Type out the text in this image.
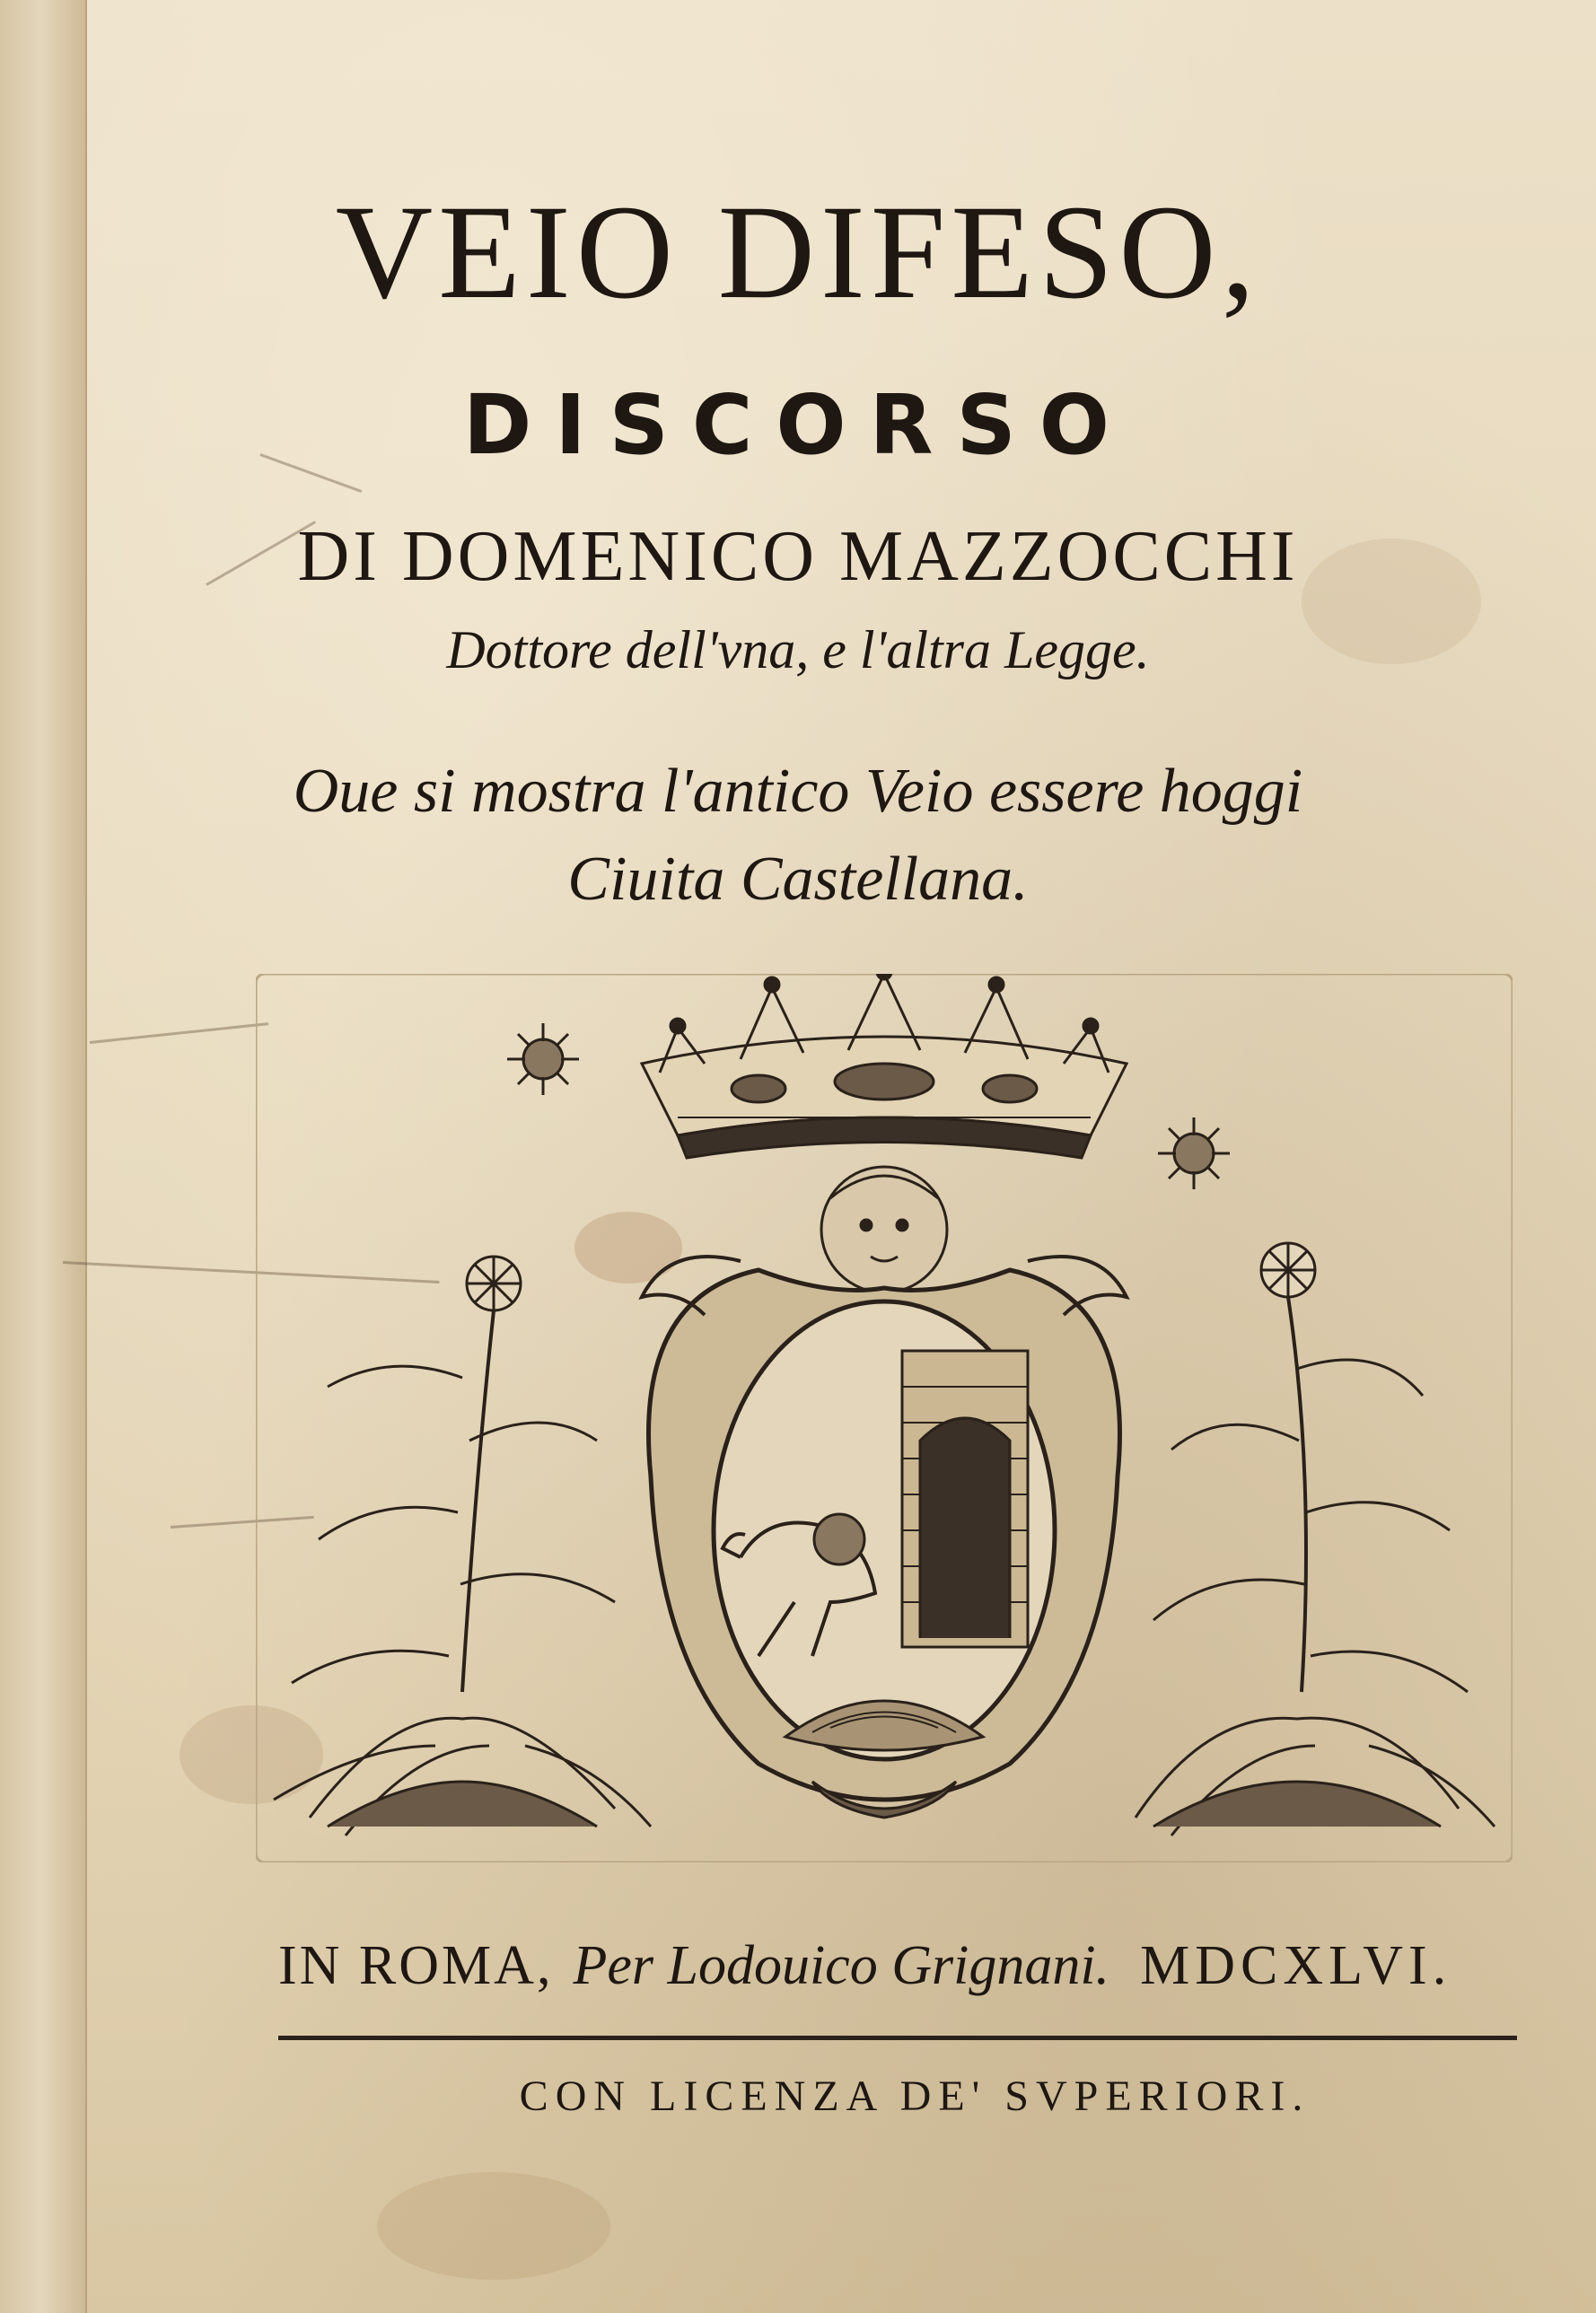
VEIO DIFESO,
DISCORSO
DI DOMENICO MAZZOCCHI
Dottore dell'vna, e l'altra Legge.
Oue si mostra l'antico Veio essere hoggi
Ciuita Castellana.
IN ROMA, Per Lodouico Grignani. MDCXLVI.
CON LICENZA DE' SVPERIORI.
